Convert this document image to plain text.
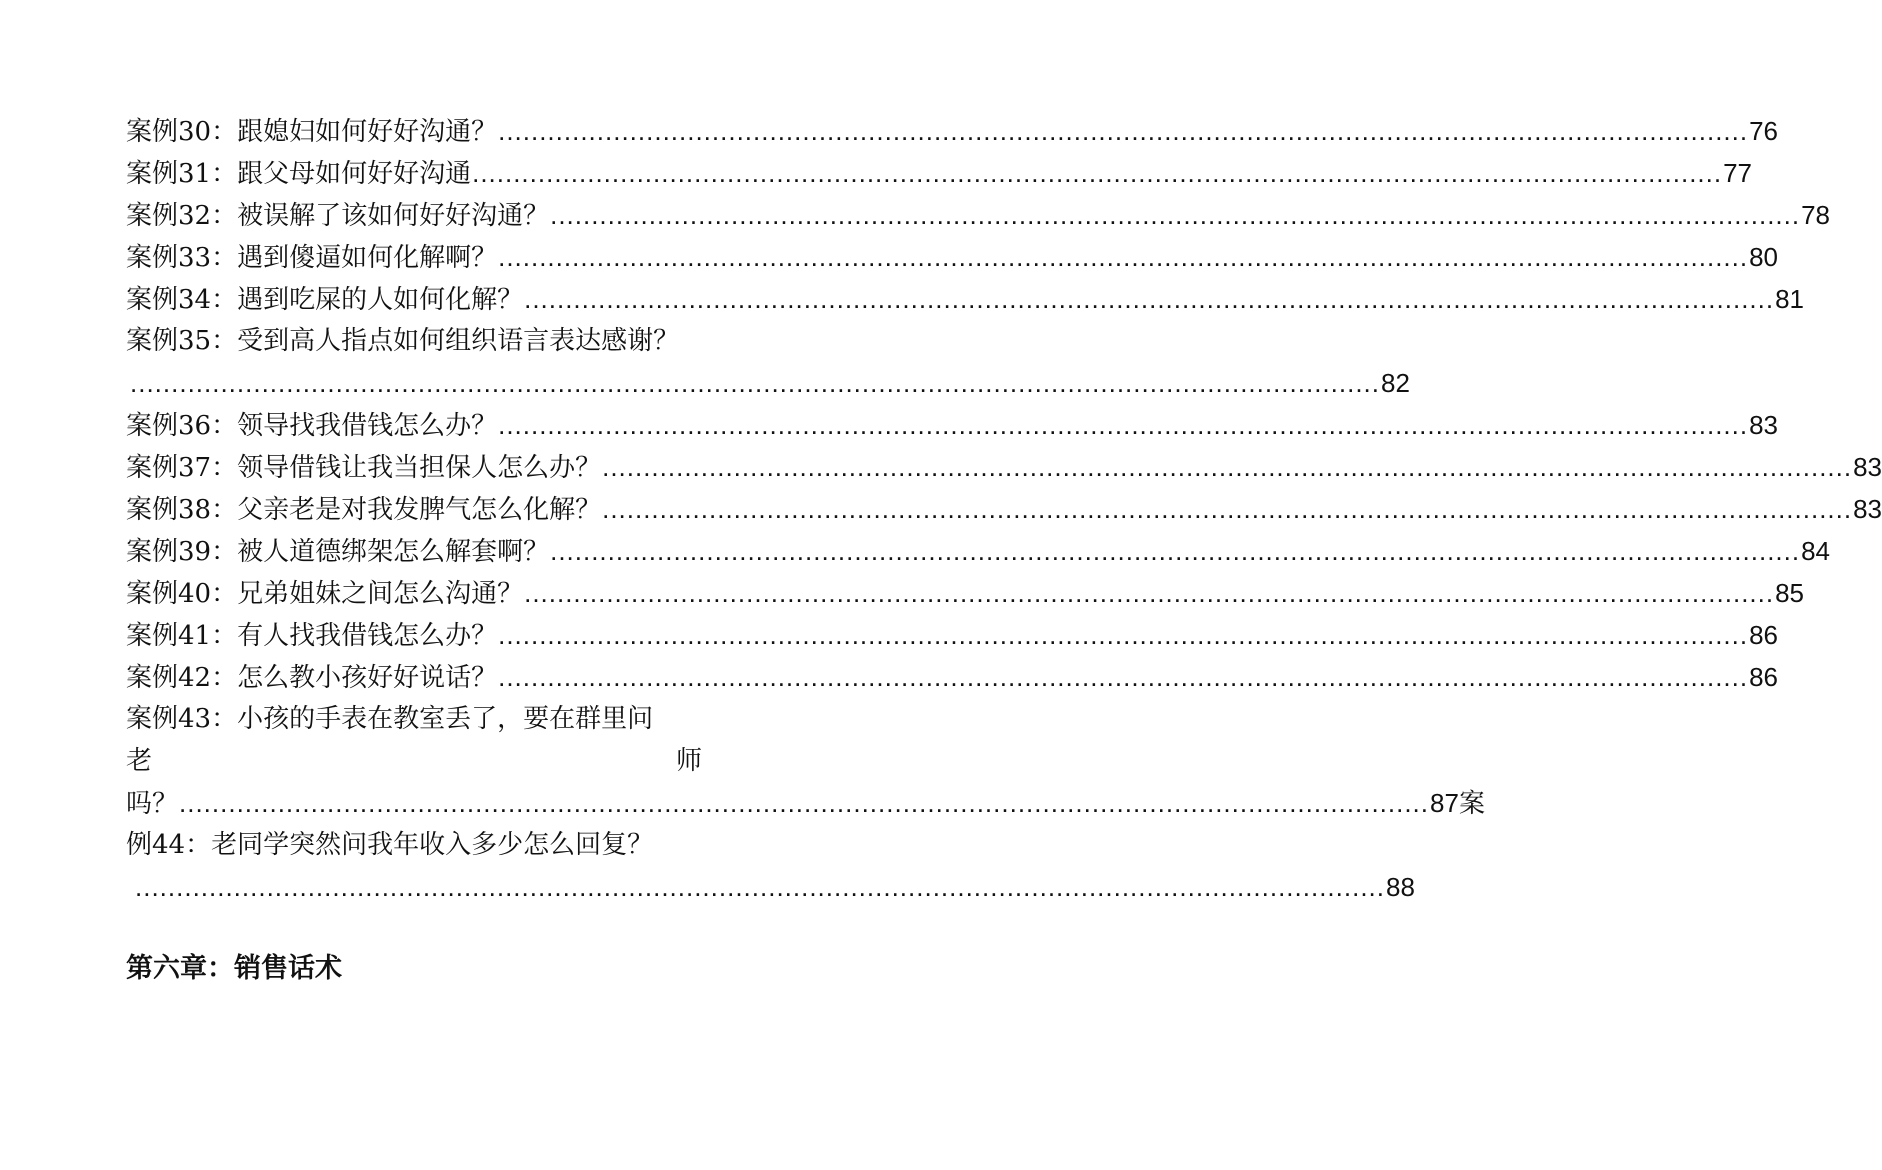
案例30：跟媳妇如何好好沟通？ ........................................................................................................................................................ 76
案例31：跟父母如何好好沟通 ........................................................................................................................................................ 77
案例32：被误解了该如何好好沟通？ ........................................................................................................................................................ 78
案例33：遇到傻逼如何化解啊？ ........................................................................................................................................................ 80
案例34：遇到吃屎的人如何化解？ ........................................................................................................................................................ 81
案例35：受到高人指点如何组织语言表达感谢？
........................................................................................................................................................ 82
案例36：领导找我借钱怎么办？ ........................................................................................................................................................ 83
案例37：领导借钱让我当担保人怎么办？ ........................................................................................................................................................ 83
案例38：父亲老是对我发脾气怎么化解？ ........................................................................................................................................................ 83
案例39：被人道德绑架怎么解套啊？ ........................................................................................................................................................ 84
案例40：兄弟姐妹之间怎么沟通？ ........................................................................................................................................................ 85
案例41：有人找我借钱怎么办？ ........................................................................................................................................................ 86
案例42：怎么教小孩好好说话？ ........................................................................................................................................................ 86
案例43：小孩的手表在教室丢了，要在群里问
老	师
吗？ ........................................................................................................................................................ 87 案
例44：老同学突然问我年收入多少怎么回复？
........................................................................................................................................................ 88
第六章：销售话术
